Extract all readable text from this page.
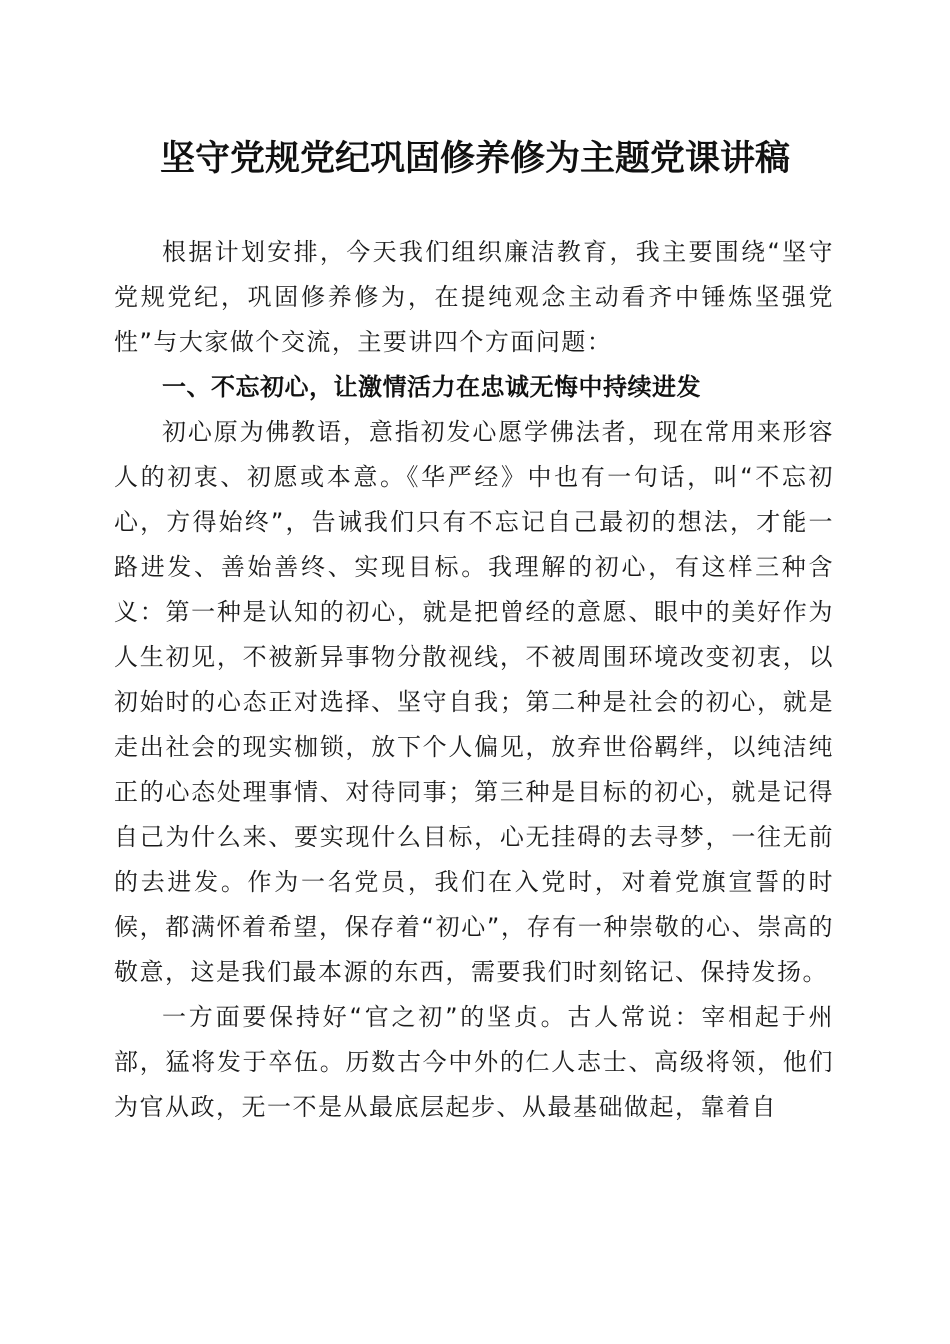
坚守党规党纪巩固修养修为主题党课讲稿

根据计划安排，今天我们组织廉洁教育，我主要围绕“坚守党规党纪，巩固修养修为，在提纯观念主动看齐中锤炼坚强党性”与大家做个交流，主要讲四个方面问题：

一、不忘初心，让激情活力在忠诚无悔中持续进发

初心原为佛教语，意指初发心愿学佛法者，现在常用来形容人的初衷、初愿或本意。《华严经》中也有一句话，叫“不忘初心，方得始终”，告诫我们只有不忘记自己最初的想法，才能一路进发、善始善终、实现目标。我理解的初心，有这样三种含义：第一种是认知的初心，就是把曾经的意愿、眼中的美好作为人生初见，不被新异事物分散视线，不被周围环境改变初衷，以初始时的心态正对选择、坚守自我；第二种是社会的初心，就是走出社会的现实枷锁，放下个人偏见，放弃世俗羁绊，以纯洁纯正的心态处理事情、对待同事；第三种是目标的初心，就是记得自己为什么来、要实现什么目标，心无挂碍的去寻梦，一往无前的去进发。作为一名党员，我们在入党时，对着党旗宣誓的时候，都满怀着希望，保存着“初心”，存有一种崇敬的心、崇高的敬意，这是我们最本源的东西，需要我们时刻铭记、保持发扬。

一方面要保持好“官之初”的坚贞。古人常说：宰相起于州部，猛将发于卒伍。历数古今中外的仁人志士、高级将领，他们为官从政，无一不是从最底层起步、从最基础做起，靠着自
